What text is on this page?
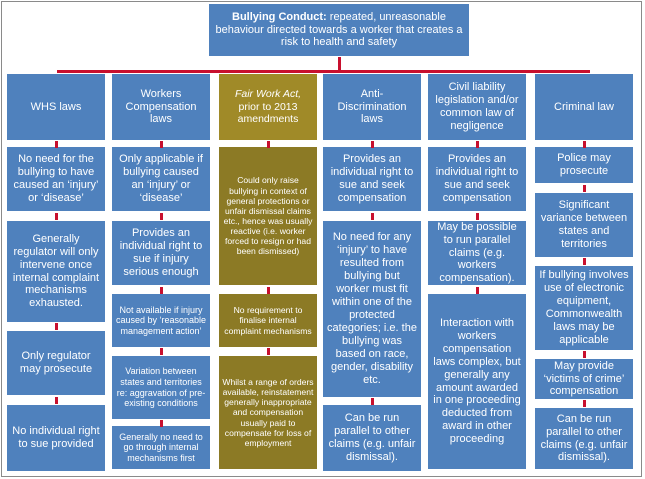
Bullying Conduct: repeated, unreasonable behaviour directed towards a worker that creates a risk to health and safety
WHS laws
No need for the bullying to have caused an ‘injury’ or ‘disease’
Generally regulator will only intervene once internal complaint mechanisms exhausted.
Only regulator may prosecute
No individual right to sue provided
Workers Compensation laws
Only applicable if bullying caused an ‘injury’ or ‘disease’
Provides an individual right to sue if injury serious enough
Not available if injury caused by ‘reasonable management action’
Variation between states and territories re: aggravation of pre-existing conditions
Generally no need to go through internal mechanisms first
Fair Work Act,
prior to 2013 amendments
Could only raise bullying in context of general protections or unfair dismissal claims etc., hence was usually reactive (i.e. worker forced to resign or had been dismissed)
No requirement to finalise internal complaint mechanisms
Whilst a range of orders available, reinstatement generally inappropriate and compensation usually paid to compensate for loss of employment
Anti-Discrimination laws
Provides an individual right to sue and seek compensation
No need for any ‘injury’ to have resulted from bullying but worker must fit within one of the protected categories; i.e. the bullying was based on race, gender, disability etc.
Can be run parallel to other claims (e.g. unfair dismissal).
Civil liability legislation and/or common law of negligence
Provides an individual right to sue and seek compensation
May be possible to run parallel claims (e.g. workers compensation).
Interaction with workers compensation laws complex, but generally any amount awarded in one proceeding deducted from award in other proceeding
Criminal law
Police may prosecute
Significant variance between states and territories
If bullying involves use of electronic equipment, Commonwealth laws may be applicable
May provide ‘victims of crime’ compensation
Can be run parallel to other claims (e.g. unfair dismissal).
